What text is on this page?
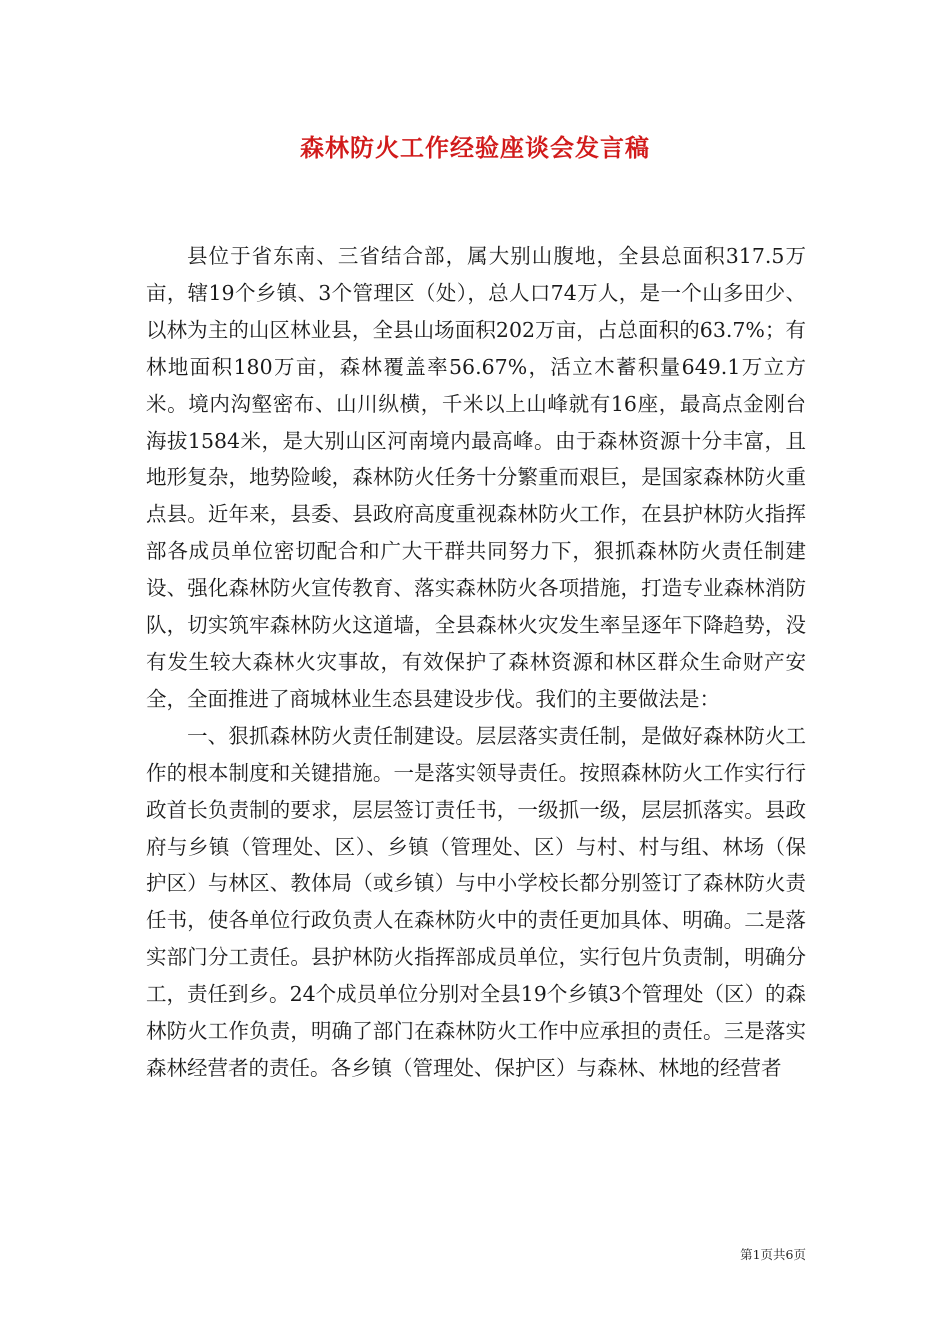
森林防火工作经验座谈会发言稿

县位于省东南、三省结合部，属大别山腹地，全县总面积317.5万亩，辖19个乡镇、3个管理区（处），总人口74万人，是一个山多田少、以林为主的山区林业县，全县山场面积202万亩，占总面积的63.7%；有林地面积180万亩，森林覆盖率56.67%，活立木蓄积量649.1万立方米。境内沟壑密布、山川纵横，千米以上山峰就有16座，最高点金刚台海拔1584米，是大别山区河南境内最高峰。由于森林资源十分丰富，且地形复杂，地势险峻，森林防火任务十分繁重而艰巨，是国家森林防火重点县。近年来，县委、县政府高度重视森林防火工作，在县护林防火指挥部各成员单位密切配合和广大干群共同努力下，狠抓森林防火责任制建设、强化森林防火宣传教育、落实森林防火各项措施，打造专业森林消防队，切实筑牢森林防火这道墙，全县森林火灾发生率呈逐年下降趋势，没有发生较大森林火灾事故，有效保护了森林资源和林区群众生命财产安全，全面推进了商城林业生态县建设步伐。我们的主要做法是：

一、狠抓森林防火责任制建设。层层落实责任制，是做好森林防火工作的根本制度和关键措施。一是落实领导责任。按照森林防火工作实行行政首长负责制的要求，层层签订责任书，一级抓一级，层层抓落实。县政府与乡镇（管理处、区）、乡镇（管理处、区）与村、村与组、林场（保护区）与林区、教体局（或乡镇）与中小学校长都分别签订了森林防火责任书，使各单位行政负责人在森林防火中的责任更加具体、明确。二是落实部门分工责任。县护林防火指挥部成员单位，实行包片负责制，明确分工，责任到乡。24个成员单位分别对全县19个乡镇3个管理处（区）的森林防火工作负责，明确了部门在森林防火工作中应承担的责任。三是落实森林经营者的责任。各乡镇（管理处、保护区）与森林、林地的经营者

第1页共6页
